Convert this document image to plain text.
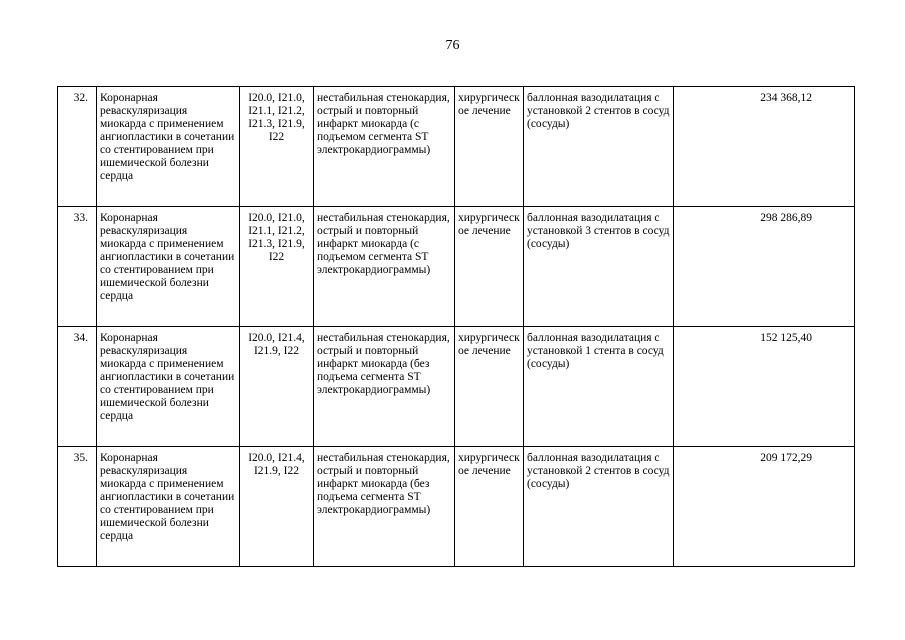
76
32.	Коронарная реваскуляризация миокарда с применением ангиопластики в сочетании со стентированием при ишемической болезни сердца	I20.0, I21.0, I21.1, I21.2, I21.3, I21.9, I22	нестабильная стенокардия, острый и повторный инфаркт миокарда (с подъемом сегмента ST электрокардиограммы)	хирургическое лечение	баллонная вазодилатация с установкой 2 стентов в сосуд (сосуды)	234 368,12
33.	Коронарная реваскуляризация миокарда с применением ангиопластики в сочетании со стентированием при ишемической болезни сердца	I20.0, I21.0, I21.1, I21.2, I21.3, I21.9, I22	нестабильная стенокардия, острый и повторный инфаркт миокарда (с подъемом сегмента ST электрокардиограммы)	хирургическое лечение	баллонная вазодилатация с установкой 3 стентов в сосуд (сосуды)	298 286,89
34.	Коронарная реваскуляризация миокарда с применением ангиопластики в сочетании со стентированием при ишемической болезни сердца	I20.0, I21.4, I21.9, I22	нестабильная стенокардия, острый и повторный инфаркт миокарда (без подъема сегмента ST электрокардиограммы)	хирургическое лечение	баллонная вазодилатация с установкой 1 стента в сосуд (сосуды)	152 125,40
35.	Коронарная реваскуляризация миокарда с применением ангиопластики в сочетании со стентированием при ишемической болезни сердца	I20.0, I21.4, I21.9, I22	нестабильная стенокардия, острый и повторный инфаркт миокарда (без подъема сегмента ST электрокардиограммы)	хирургическое лечение	баллонная вазодилатация с установкой 2 стентов в сосуд (сосуды)	209 172,29
